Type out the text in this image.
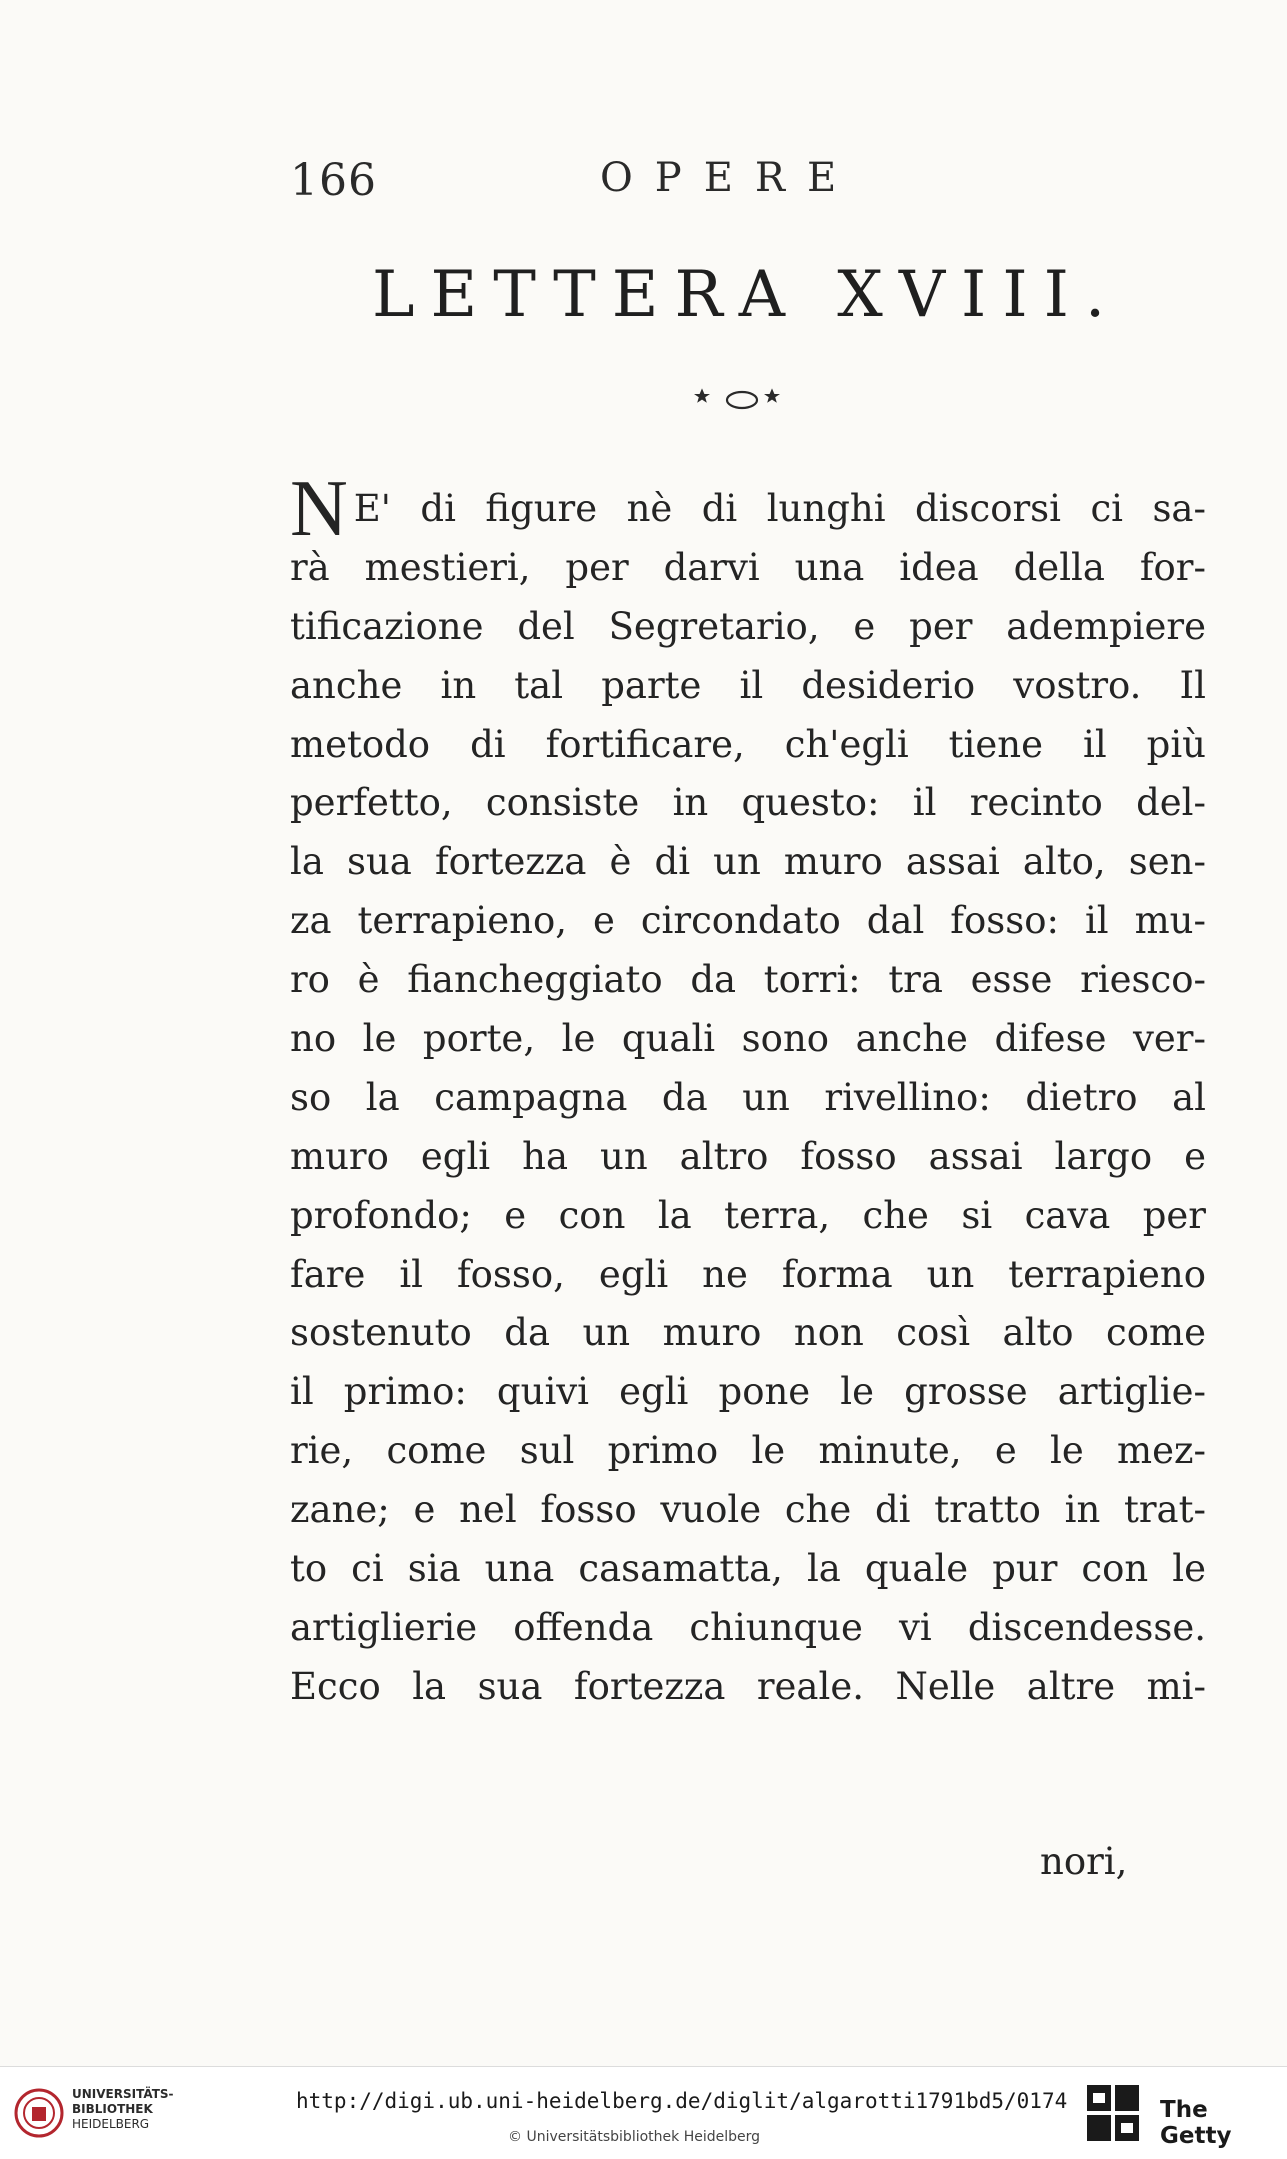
166	OPERE
LETTERA XVIII.
N E' di figure nè di lunghi discorsi ci sa-
rà mestieri, per darvi una idea della for-
tificazione del Segretario, e per adempiere
anche in tal parte il desiderio vostro. Il
metodo di fortificare, ch'egli tiene il più
perfetto, consiste in questo: il recinto del-
la sua fortezza è di un muro assai alto, sen-
za terrapieno, e circondato dal fosso: il mu-
ro è fiancheggiato da torri: tra esse riesco-
no le porte, le quali sono anche difese ver-
so la campagna da un rivellino: dietro al
muro egli ha un altro fosso assai largo e
profondo; e con la terra, che si cava per
fare il fosso, egli ne forma un terrapieno
sostenuto da un muro non così alto come
il primo: quivi egli pone le grosse artiglie-
rie, come sul primo le minute, e le mez-
zane; e nel fosso vuole che di tratto in trat-
to ci sia una casamatta, la quale pur con le
artiglierie offenda chiunque vi discendesse.
Ecco la sua fortezza reale. Nelle altre mi-
nori,
UNIVERSITÄTS-
BIBLIOTHEK
HEIDELBERG
http://digi.ub.uni-heidelberg.de/diglit/algarotti1791bd5/0174
© Universitätsbibliothek Heidelberg
The Getty
